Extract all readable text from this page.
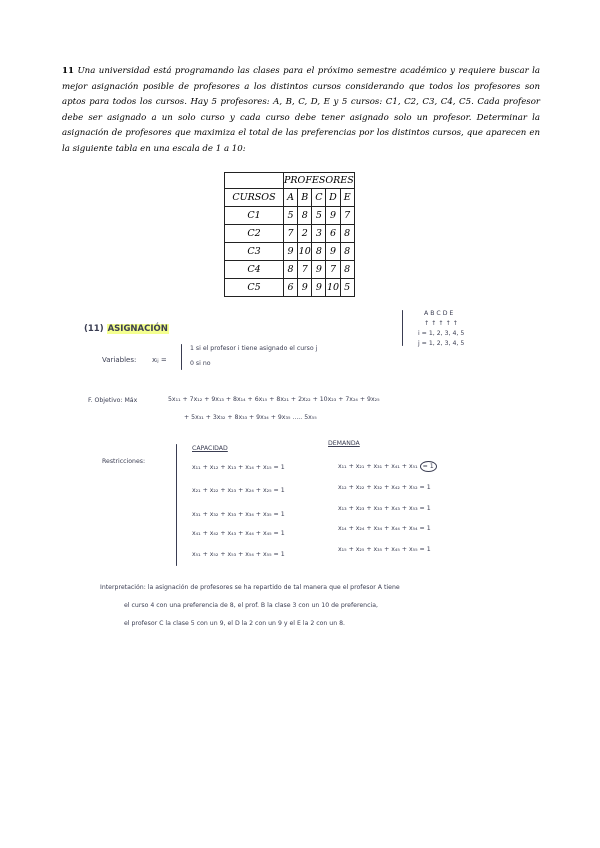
11 Una universidad está programando las clases para el próximo semestre académico y requiere buscar la mejor asignación posible de profesores a los distintos cursos considerando que todos los profesores son aptos para todos los cursos. Hay 5 profesores: A, B, C, D, E y 5 cursos: C1, C2, C3, C4, C5. Cada profesor debe ser asignado a un solo curso y cada curso debe tener asignado solo un profesor. Determinar la asignación de profesores que maximiza el total de las preferencias por los distintos cursos, que aparecen en la siguiente tabla en una escala de 1 a 10:
	PROFESORES				
CURSOS	A	B	C	D	E
C1	5	8	5	9	7
C2	7	2	3	6	8
C3	9	10	8	9	8
C4	8	7	9	7	8
C5	6	9	9	10	5
(11) ASIGNACIÓN
A B C D E
↑ ↑ ↑ ↑ ↑
i = 1, 2, 3, 4, 5
j = 1, 2, 3, 4, 5
Variables: xᵢⱼ =
1 si el profesor i tiene asignado el curso j
0 si no
F. Objetivo: Máx	5x₁₁ + 7x₁₂ + 9x₁₃ + 8x₁₄ + 6x₁₅ + 8x₂₁ + 2x₂₂ + 10x₂₃ + 7x₂₄ + 9x₂₅
+ 5x₃₁ + 3x₃₂ + 8x₃₃ + 9x₃₄ + 9x₃₅ ..... 5x₅₅
Restricciones:
CAPACIDAD
DEMANDA
x₁₁ + x₁₂ + x₁₃ + x₁₄ + x₁₅ = 1
x₂₁ + x₂₂ + x₂₃ + x₂₄ + x₂₅ = 1
x₃₁ + x₃₂ + x₃₃ + x₃₄ + x₃₅ = 1
x₄₁ + x₄₂ + x₄₃ + x₄₄ + x₄₅ = 1
x₅₁ + x₅₂ + x₅₃ + x₅₄ + x₅₅ = 1
x₁₁ + x₂₁ + x₃₁ + x₄₁ + x₅₁ = 1
x₁₂ + x₂₂ + x₃₂ + x₄₂ + x₅₂ = 1
x₁₃ + x₂₃ + x₃₃ + x₄₃ + x₅₃ = 1
x₁₄ + x₂₄ + x₃₄ + x₄₄ + x₅₄ = 1
x₁₅ + x₂₅ + x₃₅ + x₄₅ + x₅₅ = 1
Interpretación: la asignación de profesores se ha repartido de tal manera que el profesor A tiene
el curso 4 con una preferencia de 8, el prof. B la clase 3 con un 10 de preferencia,
el profesor C la clase 5 con un 9, el D la 2 con un 9 y el E la 2 con un 8.
